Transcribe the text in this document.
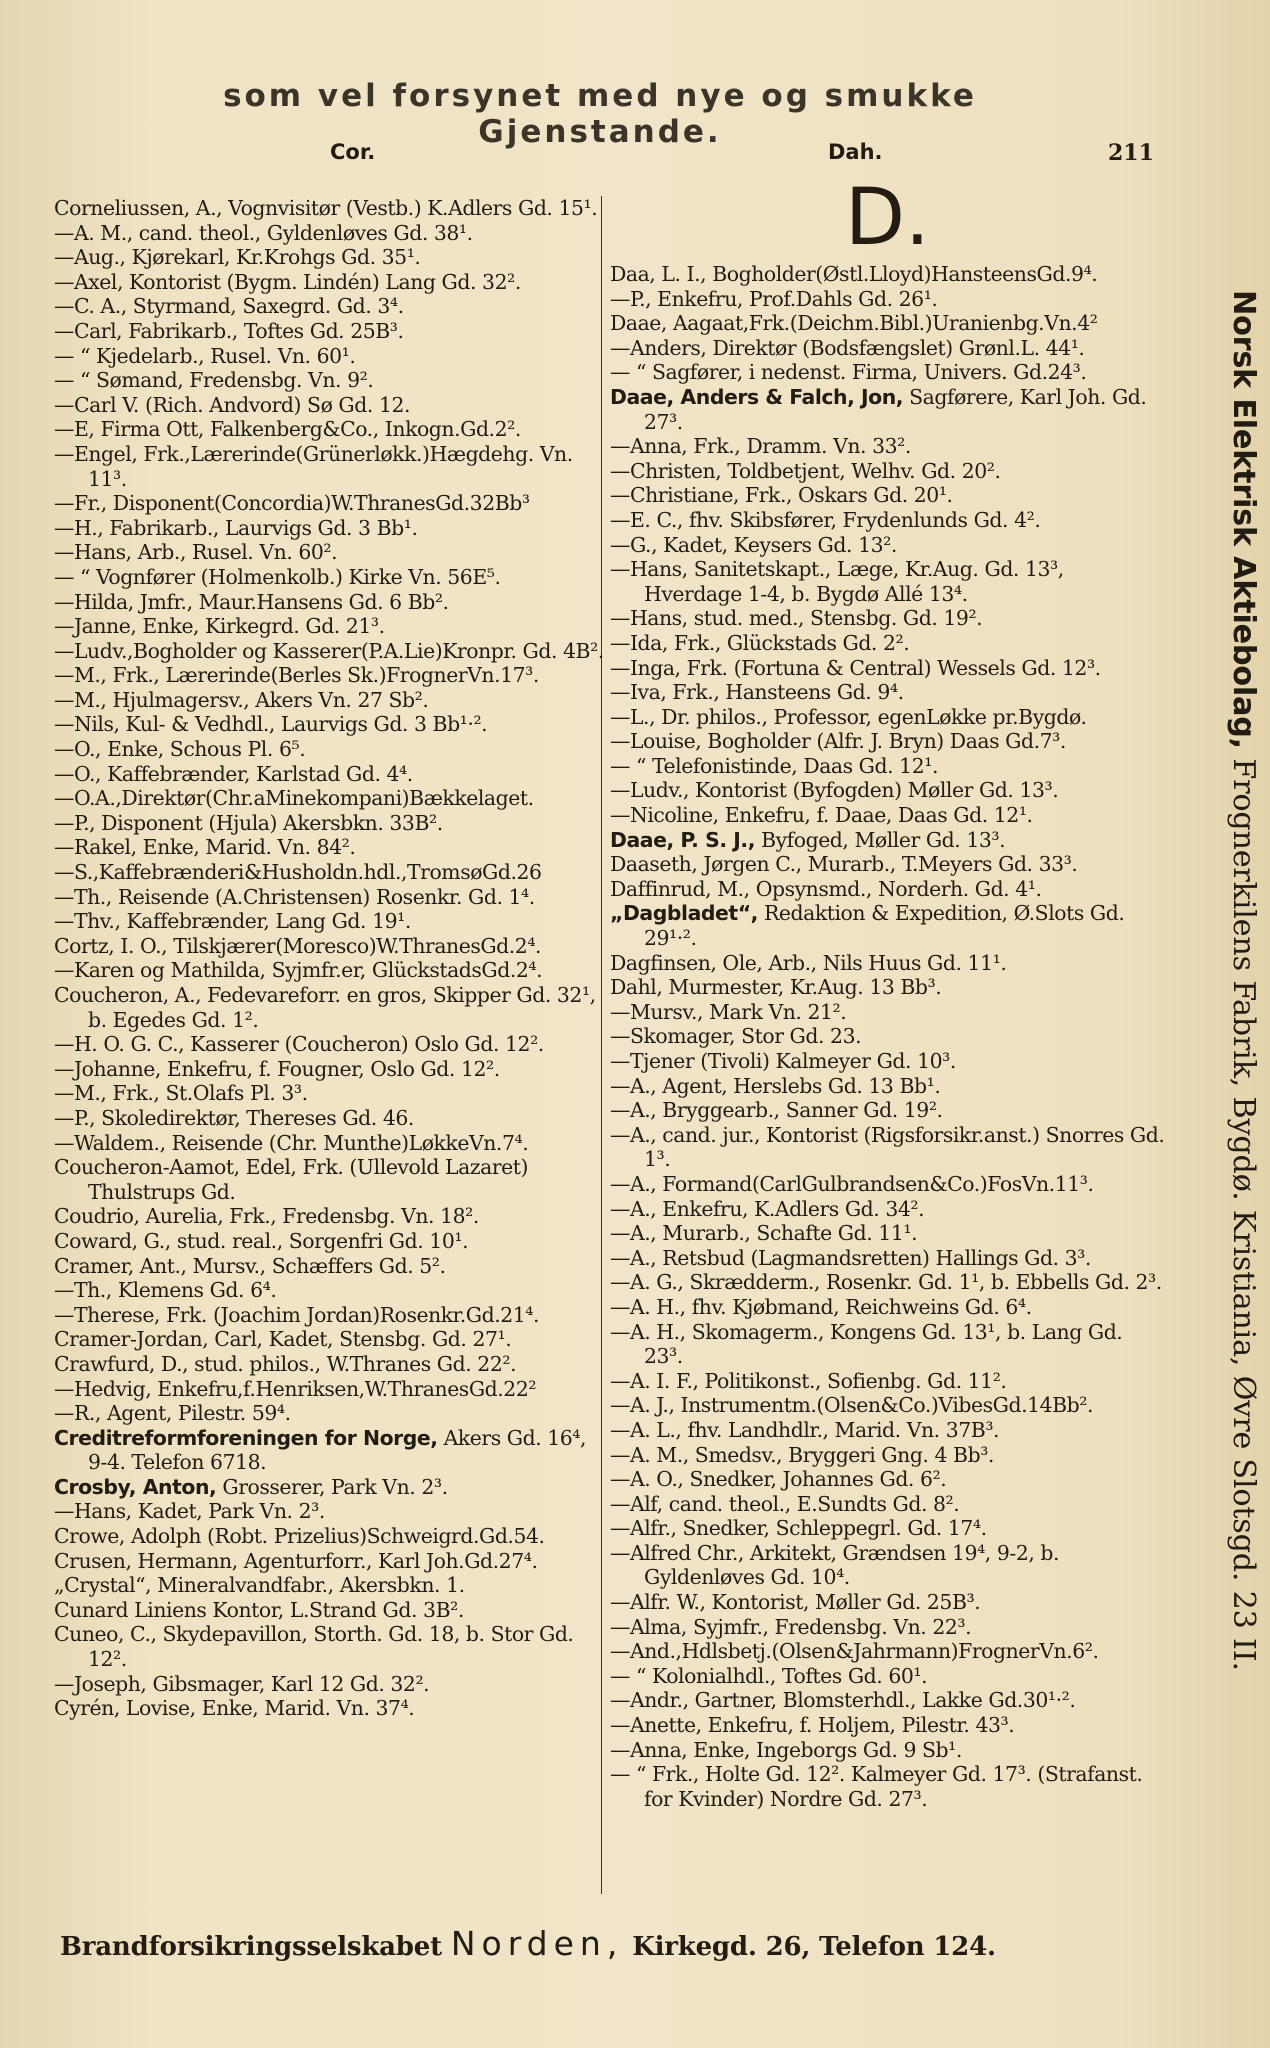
som vel forsynet med nye og smukke Gjenstande.
Cor.	Dah.	211

Corneliussen, A., Vognvisitør (Vestb.) K.Adlers Gd. 15¹.

—A. M., cand. theol., Gyldenløves Gd. 38¹.

—Aug., Kjørekarl, Kr.Krohgs Gd. 35¹.

—Axel, Kontorist (Bygm. Lindén) Lang Gd. 32².

—C. A., Styrmand, Saxegrd. Gd. 3⁴.

—Carl, Fabrikarb., Toftes Gd. 25B³.

— “ Kjedelarb., Rusel. Vn. 60¹.

— “ Sømand, Fredensbg. Vn. 9².

—Carl V. (Rich. Andvord) Sø Gd. 12.

—E, Firma Ott, Falkenberg&Co., Inkogn.Gd.2².

—Engel, Frk.,Lærerinde(Grünerløkk.)Hægdehg. Vn. 11³.

—Fr., Disponent(Concordia)W.ThranesGd.32Bb³

—H., Fabrikarb., Laurvigs Gd. 3 Bb¹.

—Hans, Arb., Rusel. Vn. 60².

— “ Vognfører (Holmenkolb.) Kirke Vn. 56E⁵.

—Hilda, Jmfr., Maur.Hansens Gd. 6 Bb².

—Janne, Enke, Kirkegrd. Gd. 21³.

—Ludv.,Bogholder og Kasserer(P.A.Lie)Kronpr. Gd. 4B².

—M., Frk., Lærerinde(Berles Sk.)FrognerVn.17³.

—M., Hjulmagersv., Akers Vn. 27 Sb².

—Nils, Kul- & Vedhdl., Laurvigs Gd. 3 Bb¹·².

—O., Enke, Schous Pl. 6⁵.

—O., Kaffebrænder, Karlstad Gd. 4⁴.

—O.A.,Direktør(Chr.aMinekompani)Bækkelaget.

—P., Disponent (Hjula) Akersbkn. 33B².

—Rakel, Enke, Marid. Vn. 84².

—S.,Kaffebrænderi&Husholdn.hdl.,TromsøGd.26

—Th., Reisende (A.Christensen) Rosenkr. Gd. 1⁴.

—Thv., Kaffebrænder, Lang Gd. 19¹.

Cortz, I. O., Tilskjærer(Moresco)W.ThranesGd.2⁴.

—Karen og Mathilda, Syjmfr.er, GlückstadsGd.2⁴.

Coucheron, A., Fedevareforr. en gros, Skipper Gd. 32¹, b. Egedes Gd. 1².

—H. O. G. C., Kasserer (Coucheron) Oslo Gd. 12².

—Johanne, Enkefru, f. Fougner, Oslo Gd. 12².

—M., Frk., St.Olafs Pl. 3³.

—P., Skoledirektør, Thereses Gd. 46.

—Waldem., Reisende (Chr. Munthe)LøkkeVn.7⁴.

Coucheron-Aamot, Edel, Frk. (Ullevold Lazaret) Thulstrups Gd.

Coudrio, Aurelia, Frk., Fredensbg. Vn. 18².

Coward, G., stud. real., Sorgenfri Gd. 10¹.

Cramer, Ant., Mursv., Schæffers Gd. 5².

—Th., Klemens Gd. 6⁴.

—Therese, Frk. (Joachim Jordan)Rosenkr.Gd.21⁴.

Cramer-Jordan, Carl, Kadet, Stensbg. Gd. 27¹.

Crawfurd, D., stud. philos., W.Thranes Gd. 22².

—Hedvig, Enkefru,f.Henriksen,W.ThranesGd.22²

—R., Agent, Pilestr. 59⁴.

Creditreformforeningen for Norge, Akers Gd. 16⁴, 9-4. Telefon 6718.

Crosby, Anton, Grosserer, Park Vn. 2³.

—Hans, Kadet, Park Vn. 2³.

Crowe, Adolph (Robt. Prizelius)Schweigrd.Gd.54.

Crusen, Hermann, Agenturforr., Karl Joh.Gd.27⁴.

„Crystal“, Mineralvandfabr., Akersbkn. 1.

Cunard Liniens Kontor, L.Strand Gd. 3B².

Cuneo, C., Skydepavillon, Storth. Gd. 18, b. Stor Gd. 12².

—Joseph, Gibsmager, Karl 12 Gd. 32².

Cyrén, Lovise, Enke, Marid. Vn. 37⁴.

D.

Daa, L. I., Bogholder(Østl.Lloyd)HansteensGd.9⁴.

—P., Enkefru, Prof.Dahls Gd. 26¹.

Daae, Aagaat,Frk.(Deichm.Bibl.)Uranienbg.Vn.4²

—Anders, Direktør (Bodsfængslet) Grønl.L. 44¹.

— “ Sagfører, i nedenst. Firma, Univers. Gd.24³.

Daae, Anders & Falch, Jon, Sagførere, Karl Joh. Gd. 27³.

—Anna, Frk., Dramm. Vn. 33².

—Christen, Toldbetjent, Welhv. Gd. 20².

—Christiane, Frk., Oskars Gd. 20¹.

—E. C., fhv. Skibsfører, Frydenlunds Gd. 4².

—G., Kadet, Keysers Gd. 13².

—Hans, Sanitetskapt., Læge, Kr.Aug. Gd. 13³, Hverdage 1-4, b. Bygdø Allé 13⁴.

—Hans, stud. med., Stensbg. Gd. 19².

—Ida, Frk., Glückstads Gd. 2².

—Inga, Frk. (Fortuna & Central) Wessels Gd. 12³.

—Iva, Frk., Hansteens Gd. 9⁴.

—L., Dr. philos., Professor, egenLøkke pr.Bygdø.

—Louise, Bogholder (Alfr. J. Bryn) Daas Gd.7³.

— “ Telefonistinde, Daas Gd. 12¹.

—Ludv., Kontorist (Byfogden) Møller Gd. 13³.

—Nicoline, Enkefru, f. Daae, Daas Gd. 12¹.

Daae, P. S. J., Byfoged, Møller Gd. 13³.

Daaseth, Jørgen C., Murarb., T.Meyers Gd. 33³.

Daffinrud, M., Opsynsmd., Norderh. Gd. 4¹.

„Dagbladet“, Redaktion & Expedition, Ø.Slots Gd. 29¹·².

Dagfinsen, Ole, Arb., Nils Huus Gd. 11¹.

Dahl, Murmester, Kr.Aug. 13 Bb³.

—Mursv., Mark Vn. 21².

—Skomager, Stor Gd. 23.

—Tjener (Tivoli) Kalmeyer Gd. 10³.

—A., Agent, Herslebs Gd. 13 Bb¹.

—A., Bryggearb., Sanner Gd. 19².

—A., cand. jur., Kontorist (Rigsforsikr.anst.) Snorres Gd. 1³.

—A., Formand(CarlGulbrandsen&Co.)FosVn.11³.

—A., Enkefru, K.Adlers Gd. 34².

—A., Murarb., Schafte Gd. 11¹.

—A., Retsbud (Lagmandsretten) Hallings Gd. 3³.

—A. G., Skrædderm., Rosenkr. Gd. 1¹, b. Ebbells Gd. 2³.

—A. H., fhv. Kjøbmand, Reichweins Gd. 6⁴.

—A. H., Skomagerm., Kongens Gd. 13¹, b. Lang Gd. 23³.

—A. I. F., Politikonst., Sofienbg. Gd. 11².

—A. J., Instrumentm.(Olsen&Co.)VibesGd.14Bb².

—A. L., fhv. Landhdlr., Marid. Vn. 37B³.

—A. M., Smedsv., Bryggeri Gng. 4 Bb³.

—A. O., Snedker, Johannes Gd. 6².

—Alf, cand. theol., E.Sundts Gd. 8².

—Alfr., Snedker, Schleppegrl. Gd. 17⁴.

—Alfred Chr., Arkitekt, Grændsen 19⁴, 9-2, b. Gyldenløves Gd. 10⁴.

—Alfr. W., Kontorist, Møller Gd. 25B³.

—Alma, Syjmfr., Fredensbg. Vn. 22³.

—And.,Hdlsbetj.(Olsen&Jahrmann)FrognerVn.6².

— “ Kolonialhdl., Toftes Gd. 60¹.

—Andr., Gartner, Blomsterhdl., Lakke Gd.30¹·².

—Anette, Enkefru, f. Holjem, Pilestr. 43³.

—Anna, Enke, Ingeborgs Gd. 9 Sb¹.

— “ Frk., Holte Gd. 12². Kalmeyer Gd. 17³. (Strafanst. for Kvinder) Nordre Gd. 27³.

Norsk Elektrisk Aktiebolag, Frognerkilens Fabrik, Bygdø. Kristiania, Øvre Slotsgd. 23 II.
Brandforsikringsselskabet Norden, Kirkegd. 26, Telefon 124.
